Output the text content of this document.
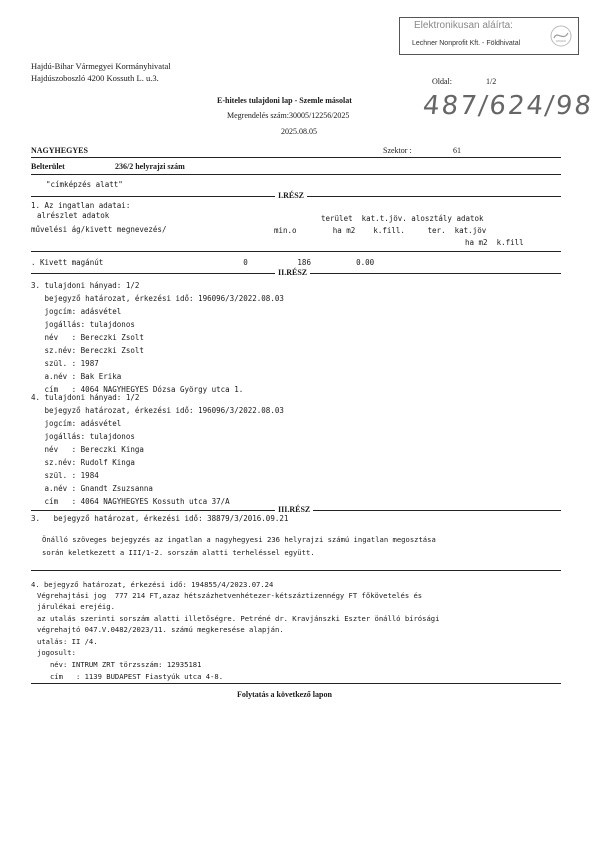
Elektronikusan aláírta:
Lechner Nonprofit Kft. - Földhivatal
Hajdú-Bihar Vármegyei Kormányhivatal
Hajdúszoboszló 4200 Kossuth L. u.3.	Oldal:	1/2
487/624/98
E-hiteles tulajdoni lap - Szemle másolat
Megrendelés szám:30005/12256/2025
2025.08.05
NAGYHEGYES	Szektor :	61
Belterület	236/2 helyrajzi szám
"címképzés alatt"
I.RÉSZ
1. Az ingatlan adatai:
alrészlet adatok	terület  kat.t.jöv. alosztály adatok
művelési ág/kivett megnevezés/	min.o        ha m2    k.fill.     ter.  kat.jöv
ha m2  k.fill
. Kivett magánút                               0           186          0.00
II.RÉSZ
3. tulajdoni hányad: 1/2
bejegyző határozat, érkezési idő: 196096/3/2022.08.03
jogcím: adásvétel
jogállás: tulajdonos
név   : Bereczki Zsolt
sz.név: Bereczki Zsolt
szül. : 1987
a.név : Bak Erika
cím   : 4064 NAGYHEGYES Dózsa György utca 1.
4. tulajdoni hányad: 1/2
bejegyző határozat, érkezési idő: 196096/3/2022.08.03
jogcím: adásvétel
jogállás: tulajdonos
név   : Bereczki Kinga
sz.név: Rudolf Kinga
szül. : 1984
a.név : Gnandt Zsuzsanna
cím   : 4064 NAGYHEGYES Kossuth utca 37/A
III.RÉSZ
3.   bejegyző határozat, érkezési idő: 38879/3/2016.09.21
Önálló szöveges bejegyzés az ingatlan a nagyhegyesi 236 helyrajzi számú ingatlan megosztása
során keletkezett a III/1-2. sorszám alatti terheléssel együtt.
4. bejegyző határozat, érkezési idő: 194855/4/2023.07.24
Végrehajtási jog  777 214 FT,azaz hétszázhetvenhétezer-kétszáztizennégy FT főkövetelés és
járulékai erejéig.
az utalás szerinti sorszám alatti illetőségre. Petréné dr. Kravjánszki Eszter önálló bírósági
végrehajtó 047.V.0482/2023/11. számú megkeresése alapján.
utalás: II /4.
jogosult:
név: INTRUM ZRT törzsszám: 12935181
cím   : 1139 BUDAPEST Fiastyúk utca 4-8.
Folytatás a következő lapon
